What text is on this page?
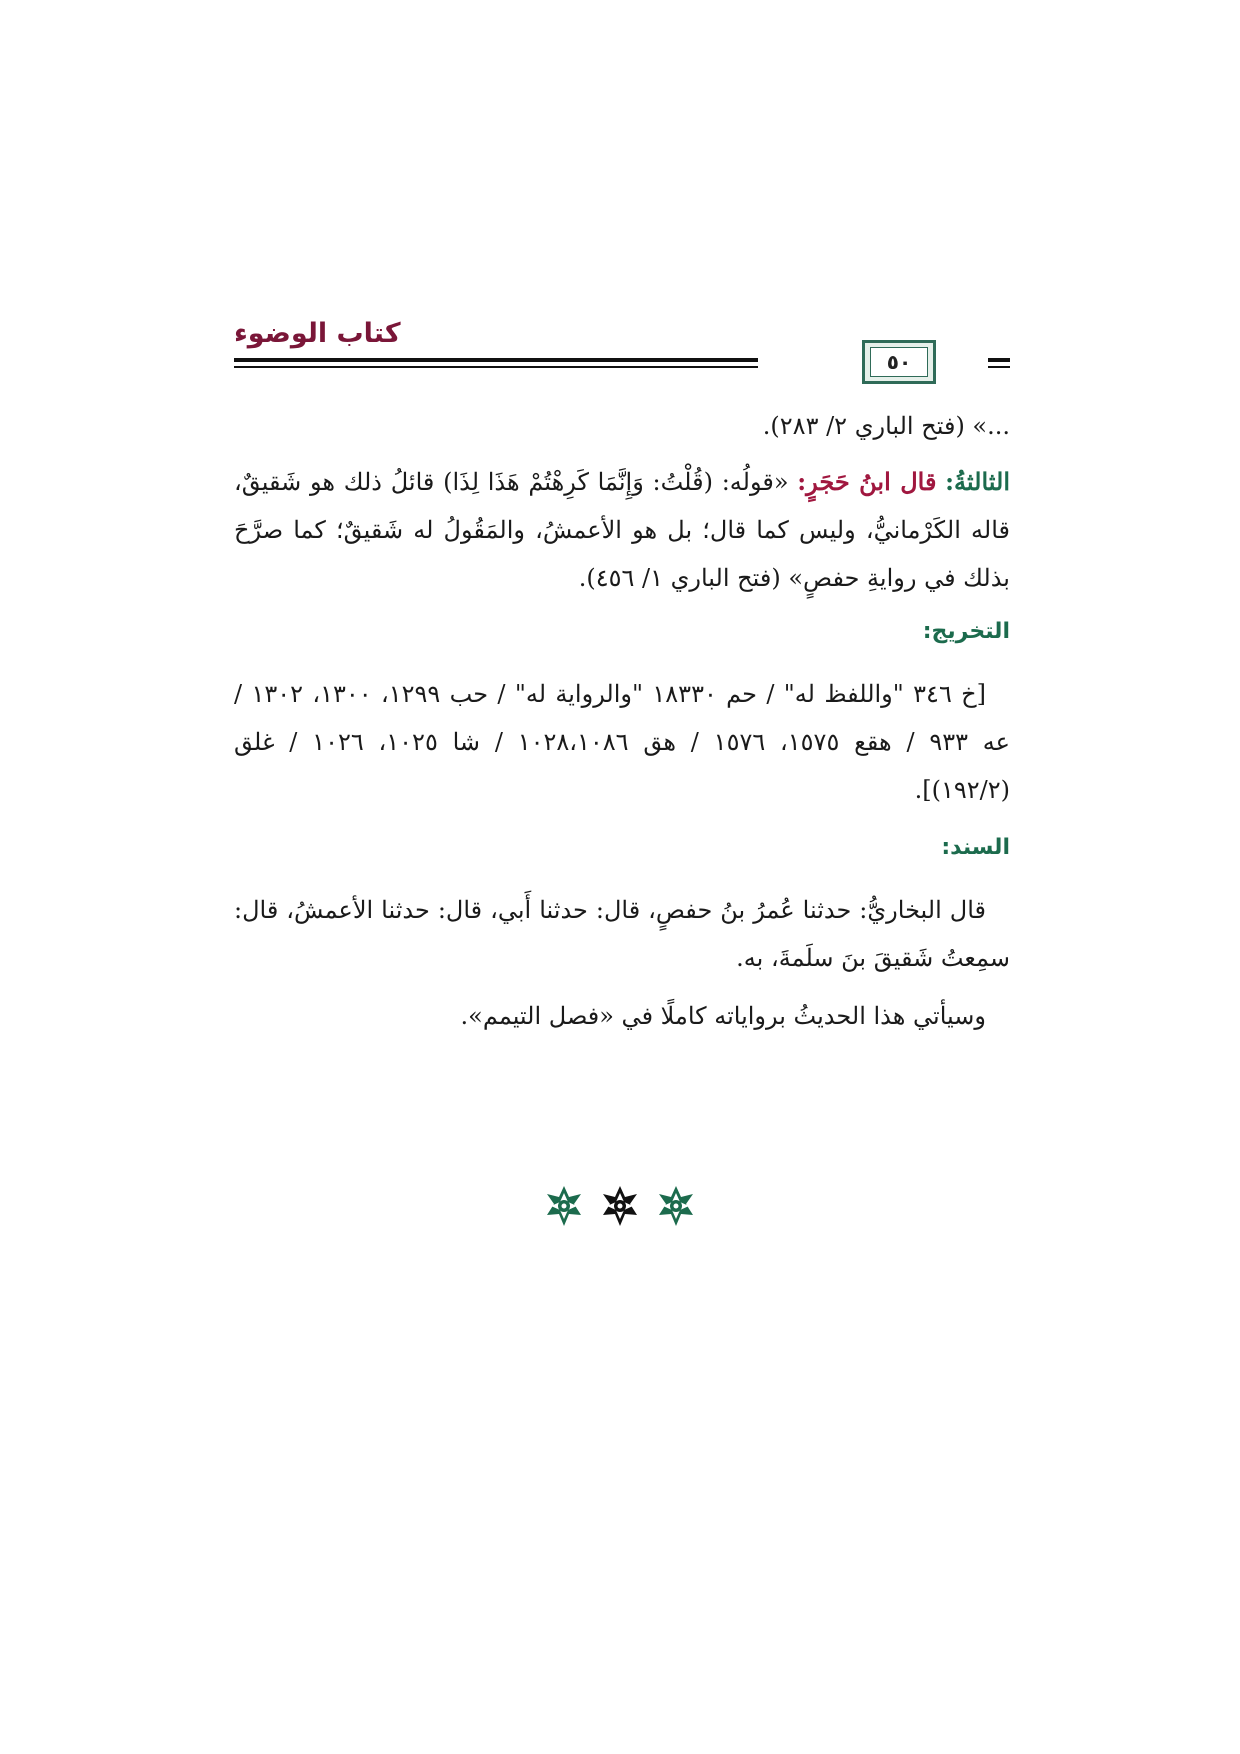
كتاب الوضوء
٥٠

...» (فتح الباري ٢/ ٢٨٣).

الثالثةُ: قال ابنُ حَجَرٍ: «قولُه: (قُلْتُ: وَإِنَّمَا كَرِهْتُمْ هَذَا لِذَا) قائلُ ذلك هو شَقيقٌ، قاله الكَرْمانيُّ، وليس كما قال؛ بل هو الأعمشُ، والمَقُولُ له شَقيقٌ؛ كما صرَّحَ بذلك في روايةِ حفصٍ» (فتح الباري ١/ ٤٥٦).

التخريج:

[خ ٣٤٦ "واللفظ له" / حم ١٨٣٣٠ "والرواية له" / حب ١٢٩٩، ١٣٠٠، ١٣٠٢ / عه ٩٣٣ / هقع ١٥٧٥، ١٥٧٦ / هق ١٠٢٨،١٠٨٦ / شا ١٠٢٥، ١٠٢٦ / غلق (١٩٢/٢)].

السند:

قال البخاريُّ: حدثنا عُمرُ بنُ حفصٍ، قال: حدثنا أَبي، قال: حدثنا الأعمشُ، قال: سمِعتُ شَقيقَ بنَ سلَمةَ، به.

وسيأتي هذا الحديثُ برواياته كاملًا في «فصل التيمم».
